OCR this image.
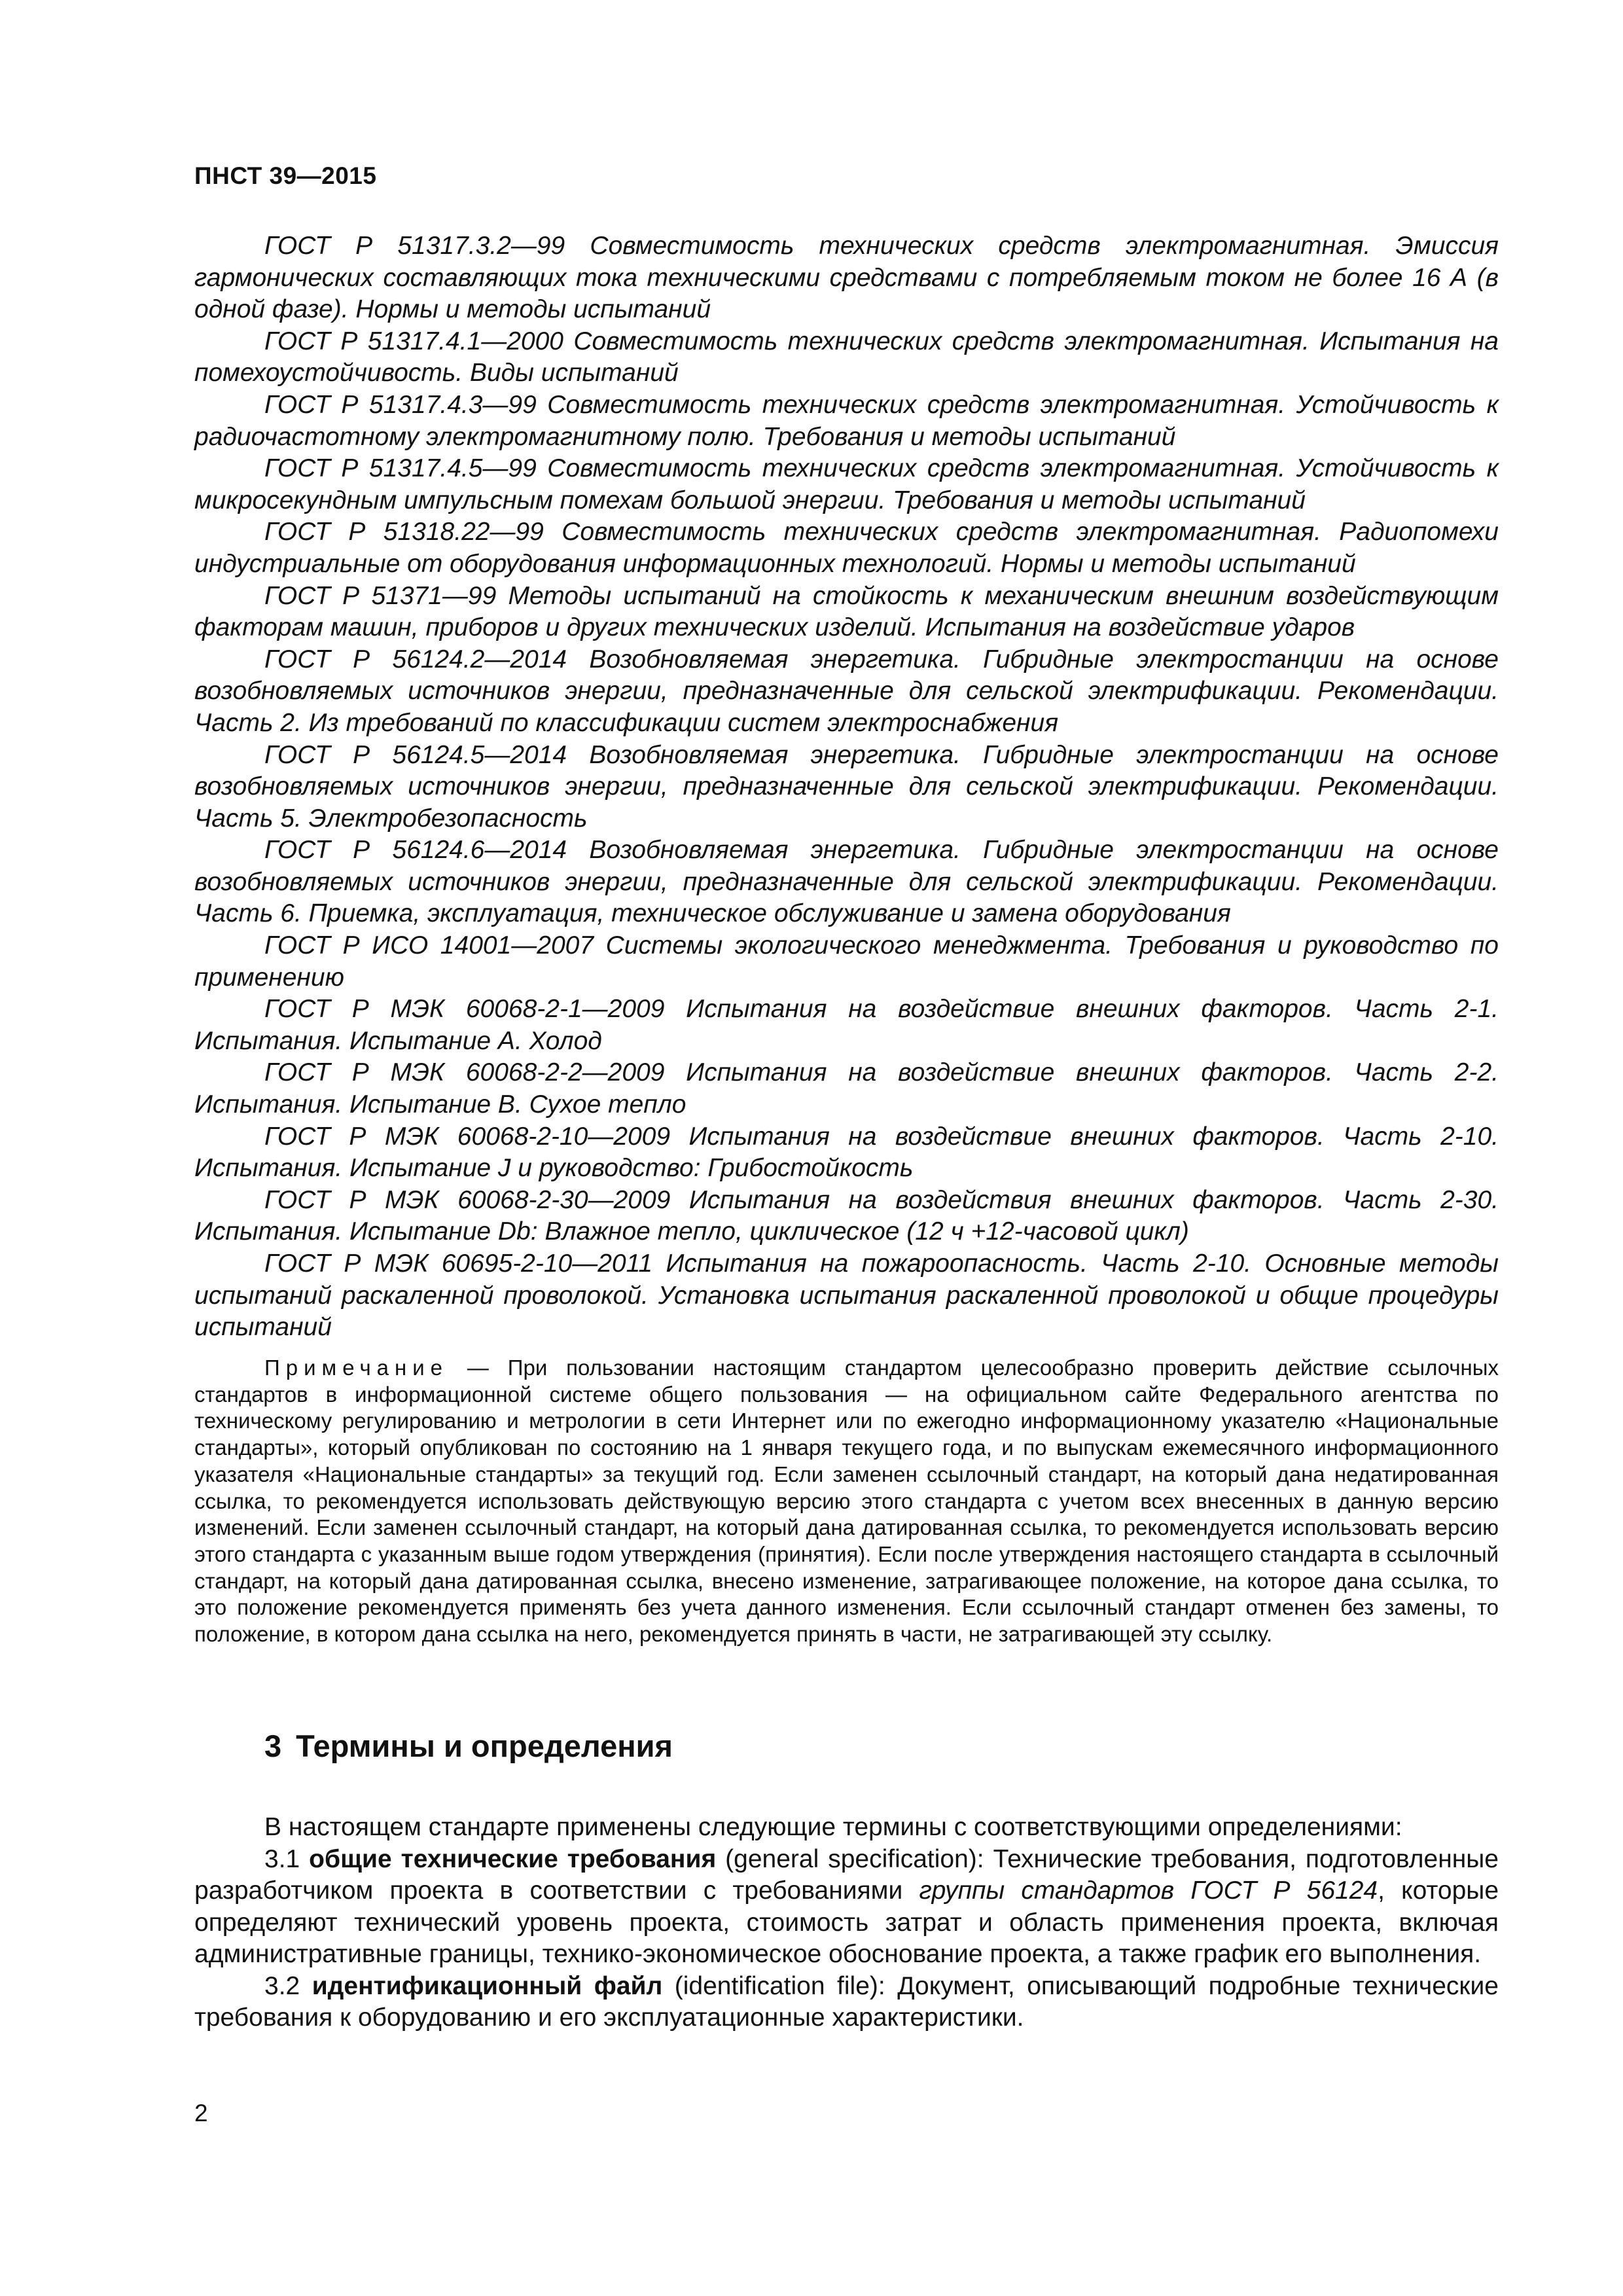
ПНСТ 39—2015

ГОСТ Р 51317.3.2—99 Совместимость технических средств электромагнитная. Эмиссия гармонических составляющих тока техническими средствами с потребляемым током не более 16 А (в одной фазе). Нормы и методы испытаний

ГОСТ Р 51317.4.1—2000 Совместимость технических средств электромагнитная. Испытания на помехоустойчивость. Виды испытаний

ГОСТ Р 51317.4.3—99 Совместимость технических средств электромагнитная. Устойчивость к радиочастотному электромагнитному полю. Требования и методы испытаний

ГОСТ Р 51317.4.5—99 Совместимость технических средств электромагнитная. Устойчивость к микросекундным импульсным помехам большой энергии. Требования и методы испытаний

ГОСТ Р 51318.22—99 Совместимость технических средств электромагнитная. Радиопомехи индустриальные от оборудования информационных технологий. Нормы и методы испытаний

ГОСТ Р 51371—99 Методы испытаний на стойкость к механическим внешним воздействующим факторам машин, приборов и других технических изделий. Испытания на воздействие ударов

ГОСТ Р 56124.2—2014 Возобновляемая энергетика. Гибридные электростанции на основе возобновляемых источников энергии, предназначенные для сельской электрификации. Рекомендации. Часть 2. Из требований по классификации систем электроснабжения

ГОСТ Р 56124.5—2014 Возобновляемая энергетика. Гибридные электростанции на основе возобновляемых источников энергии, предназначенные для сельской электрификации. Рекомендации. Часть 5. Электробезопасность

ГОСТ Р 56124.6—2014 Возобновляемая энергетика. Гибридные электростанции на основе возобновляемых источников энергии, предназначенные для сельской электрификации. Рекомендации. Часть 6. Приемка, эксплуатация, техническое обслуживание и замена оборудования

ГОСТ Р ИСО 14001—2007 Системы экологического менеджмента. Требования и руководство по применению

ГОСТ Р МЭК 60068-2-1—2009 Испытания на воздействие внешних факторов. Часть 2-1. Испытания. Испытание А. Холод

ГОСТ Р МЭК 60068-2-2—2009 Испытания на воздействие внешних факторов. Часть 2-2. Испытания. Испытание В. Сухое тепло

ГОСТ Р МЭК 60068-2-10—2009 Испытания на воздействие внешних факторов. Часть 2-10. Испытания. Испытание J и руководство: Грибостойкость

ГОСТ Р МЭК 60068-2-30—2009 Испытания на воздействия внешних факторов. Часть 2-30. Испытания. Испытание Db: Влажное тепло, циклическое (12 ч +12-часовой цикл)

ГОСТ Р МЭК 60695-2-10—2011 Испытания на пожароопасность. Часть 2-10. Основные методы испытаний раскаленной проволокой. Установка испытания раскаленной проволокой и общие процедуры испытаний

Примечание — При пользовании настоящим стандартом целесообразно проверить действие ссылочных стандартов в информационной системе общего пользования — на официальном сайте Федерального агентства по техническому регулированию и метрологии в сети Интернет или по ежегодно информационному указателю «Национальные стандарты», который опубликован по состоянию на 1 января текущего года, и по выпускам ежемесячного информационного указателя «Национальные стандарты» за текущий год. Если заменен ссылочный стандарт, на который дана недатированная ссылка, то рекомендуется использовать действующую версию этого стандарта с учетом всех внесенных в данную версию изменений. Если заменен ссылочный стандарт, на который дана датированная ссылка, то рекомендуется использовать версию этого стандарта с указанным выше годом утверждения (принятия). Если после утверждения настоящего стандарта в ссылочный стандарт, на который дана датированная ссылка, внесено изменение, затрагивающее положение, на которое дана ссылка, то это положение рекомендуется применять без учета данного изменения. Если ссылочный стандарт отменен без замены, то положение, в котором дана ссылка на него, рекомендуется принять в части, не затрагивающей эту ссылку.

3 Термины и определения

В настоящем стандарте применены следующие термины с соответствующими определениями:

3.1 общие технические требования (general specification): Технические требования, подготовленные разработчиком проекта в соответствии с требованиями группы стандартов ГОСТ Р 56124, которые определяют технический уровень проекта, стоимость затрат и область применения проекта, включая административные границы, технико-экономическое обоснование проекта, а также график его выполнения.

3.2 идентификационный файл (identification file): Документ, описывающий подробные технические требования к оборудованию и его эксплуатационные характеристики.

2
